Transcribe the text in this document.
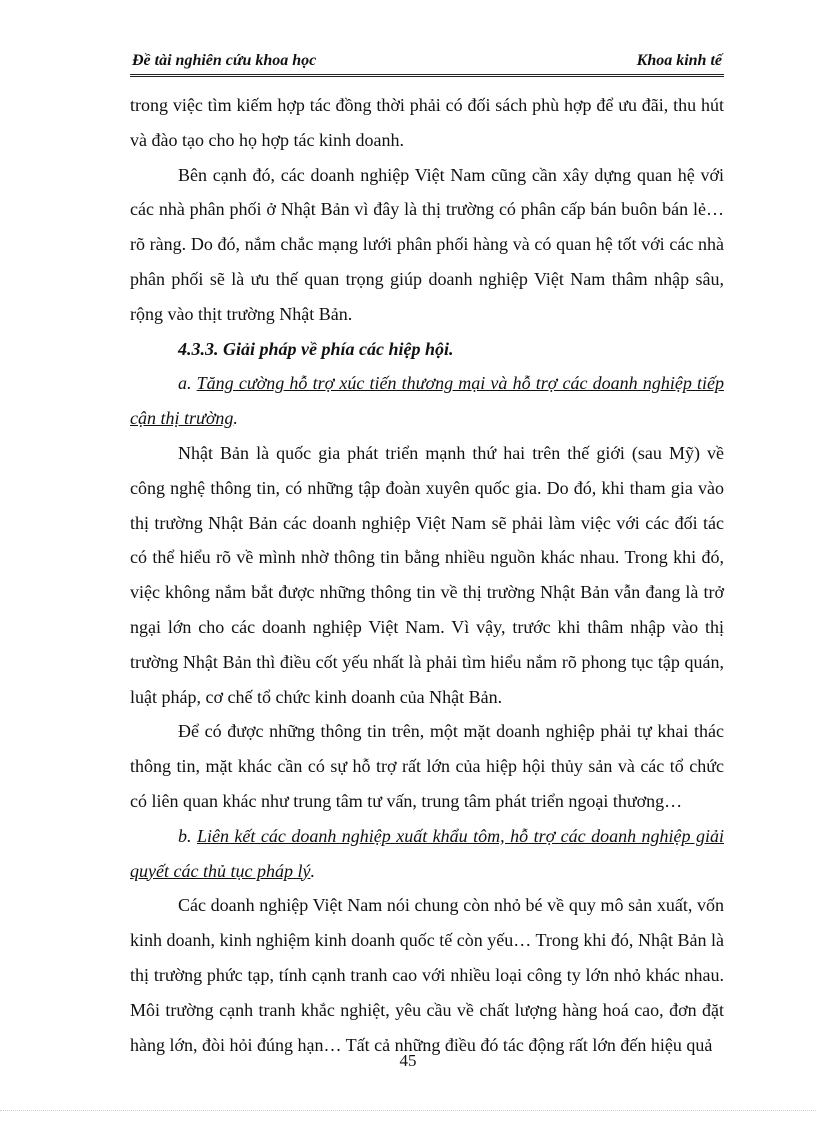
Đề tài nghiên cứu khoa học	Khoa kinh tế

trong việc tìm kiếm hợp tác đồng thời phải có đối sách phù hợp để ưu đãi, thu hút và đào tạo cho họ hợp tác kinh doanh.

Bên cạnh đó, các doanh nghiệp Việt Nam cũng cần xây dựng quan hệ với các nhà phân phối ở Nhật Bản vì đây là thị trường có phân cấp bán buôn bán lẻ…rõ ràng. Do đó, nắm chắc mạng lưới phân phối hàng và có quan hệ tốt với các nhà phân phối sẽ là ưu thế quan trọng giúp doanh nghiệp Việt Nam thâm nhập sâu, rộng vào thịt trường Nhật Bản.

4.3.3. Giải pháp về phía các hiệp hội.

a. Tăng cường hỗ trợ xúc tiến thương mại và hỗ trợ các doanh nghiệp tiếp cận thị trường.

Nhật Bản là quốc gia phát triển mạnh thứ hai trên thế giới (sau Mỹ) về công nghệ thông tin, có những tập đoàn xuyên quốc gia. Do đó, khi tham gia vào thị trường Nhật Bản các doanh nghiệp Việt Nam sẽ phải làm việc với các đối tác có thể hiểu rõ về mình nhờ thông tin bằng nhiều nguồn khác nhau. Trong khi đó, việc không nắm bắt được những thông tin về thị trường Nhật Bản vẫn đang là trở ngại lớn cho các doanh nghiệp Việt Nam. Vì vậy, trước khi thâm nhập vào thị trường Nhật Bản thì điều cốt yếu nhất là phải tìm hiểu nắm rõ phong tục tập quán, luật pháp, cơ chế tổ chức kinh doanh của Nhật Bản.

Để có được những thông tin trên, một mặt doanh nghiệp phải tự khai thác thông tin, mặt khác cần có sự hỗ trợ rất lớn của hiệp hội thủy sản và các tổ chức có liên quan khác như trung tâm tư vấn, trung tâm phát triển ngoại thương…

b. Liên kết các doanh nghiệp xuất khẩu tôm, hỗ trợ các doanh nghiệp giải quyết các thủ tục pháp lý.

Các doanh nghiệp Việt Nam nói chung còn nhỏ bé về quy mô sản xuất, vốn kinh doanh, kinh nghiệm kinh doanh quốc tế còn yếu… Trong khi đó, Nhật Bản là thị trường phức tạp, tính cạnh tranh cao với nhiều loại công ty lớn nhỏ khác nhau. Môi trường cạnh tranh khắc nghiệt, yêu cầu về chất lượng hàng hoá cao, đơn đặt hàng lớn, đòi hỏi đúng hạn… Tất cả những điều đó tác động rất lớn đến hiệu quả

45
